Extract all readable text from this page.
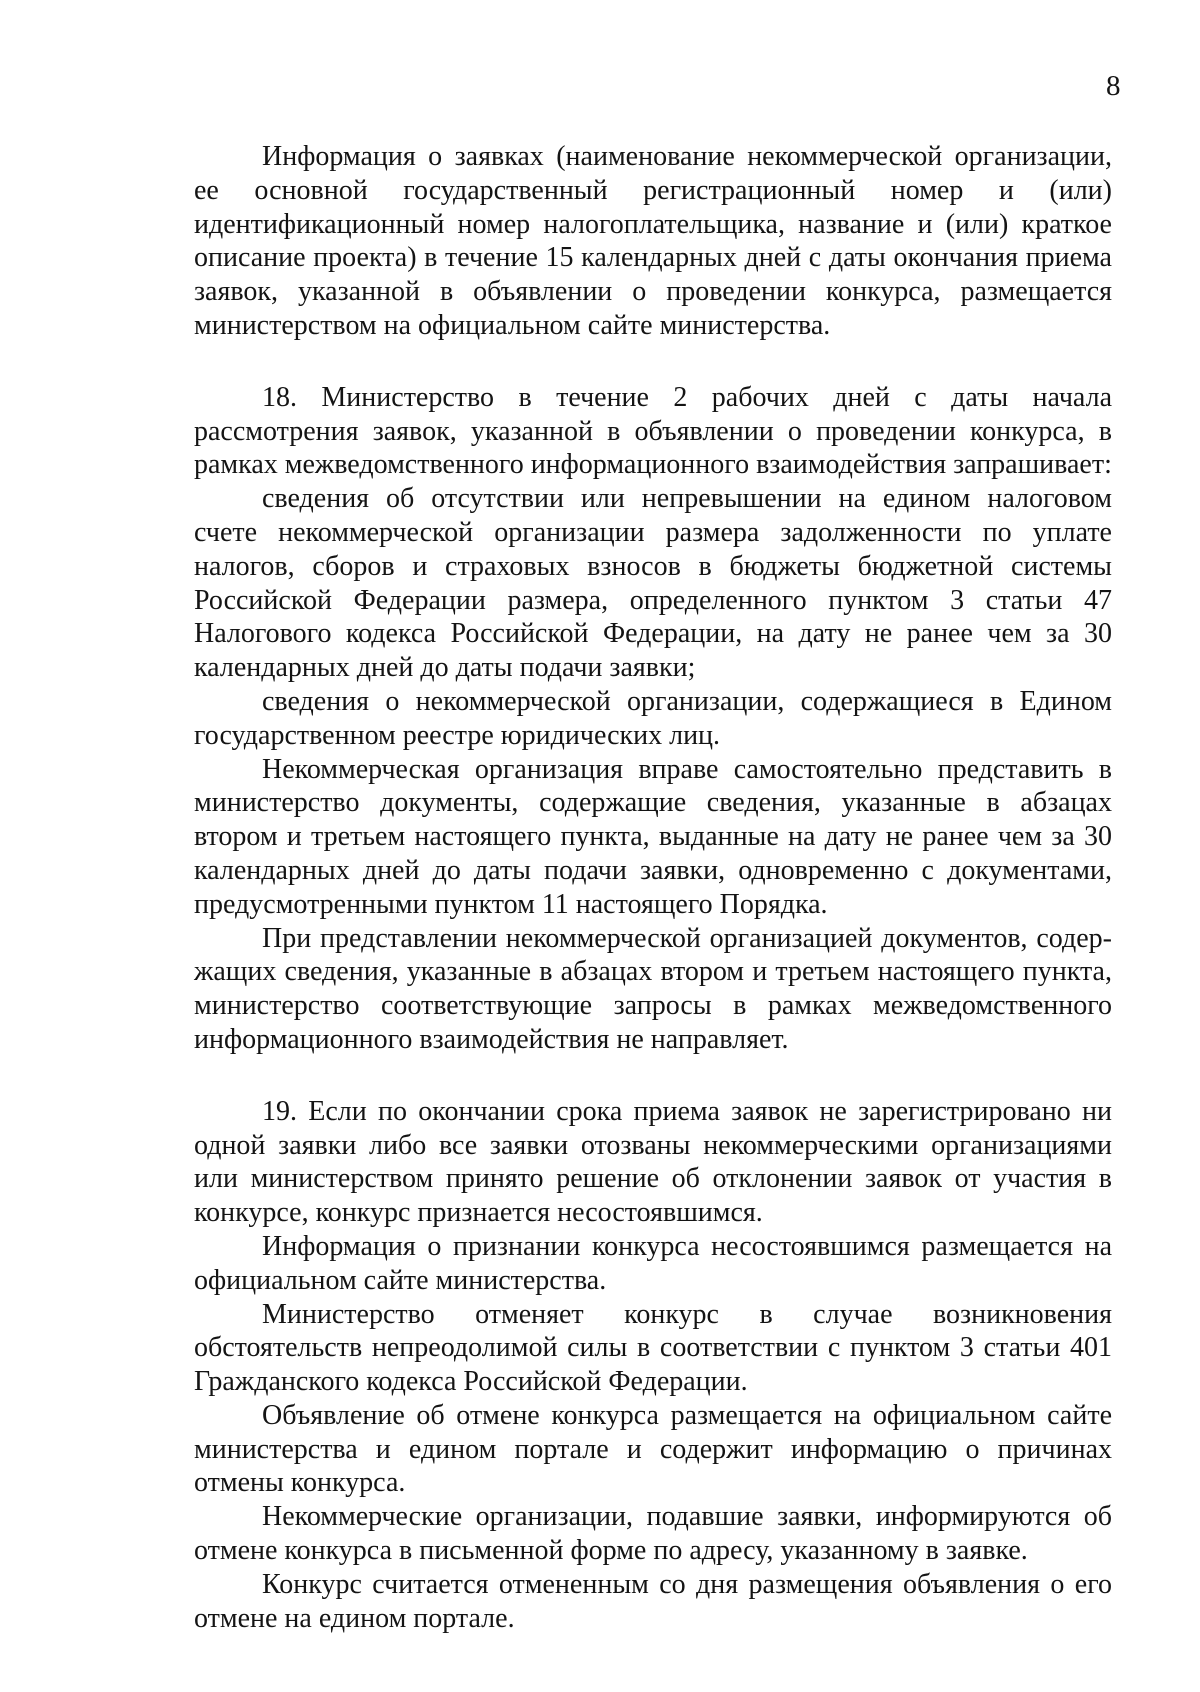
8

Информация о заявках (наименование некоммерческой организации, ее основной государственный регистрационный номер и (или) идентификационный номер налогоплательщика, название и (или) краткое описание проекта) в течение 15 календарных дней с даты окончания приема заявок, указанной в объявлении о проведении конкурса, размещается министерством на официальном сайте министерства.

18. Министерство в течение 2 рабочих дней с даты начала рассмотрения заявок, указанной в объявлении о проведении конкурса, в рамках межведомственного информационного взаимодействия запрашивает:

сведения об отсутствии или непревышении на едином налоговом счете некоммерческой организации размера задолженности по уплате налогов, сборов и страховых взносов в бюджеты бюджетной системы Российской Федерации размера, определенного пунктом 3 статьи 47 Налогового кодекса Российской Федерации, на дату не ранее чем за 30 календарных дней до даты подачи заявки;

сведения о некоммерческой организации, содержащиеся в Едином государственном реестре юридических лиц.

Некоммерческая организация вправе самостоятельно представить в министерство документы, содержащие сведения, указанные в абзацах втором и третьем настоящего пункта, выданные на дату не ранее чем за 30 календарных дней до даты подачи заявки, одновременно с документами, предусмотренными пунктом 11 настоящего Порядка.

При представлении некоммерческой организацией документов, содержащих сведения, указанные в абзацах втором и третьем настоящего пункта, министерство соответствующие запросы в рамках межведомственного информационного взаимодействия не направляет.

19. Если по окончании срока приема заявок не зарегистрировано ни одной заявки либо все заявки отозваны некоммерческими организациями или министерством принято решение об отклонении заявок от участия в конкурсе, конкурс признается несостоявшимся.

Информация о признании конкурса несостоявшимся размещается на официальном сайте министерства.

Министерство отменяет конкурс в случае возникновения обстоятельств непреодолимой силы в соответствии с пунктом 3 статьи 401 Гражданского кодекса Российской Федерации.

Объявление об отмене конкурса размещается на официальном сайте министерства и едином портале и содержит информацию о причинах отмены конкурса.

Некоммерческие организации, подавшие заявки, информируются об отмене конкурса в письменной форме по адресу, указанному в заявке.

Конкурс считается отмененным со дня размещения объявления о его отмене на едином портале.
